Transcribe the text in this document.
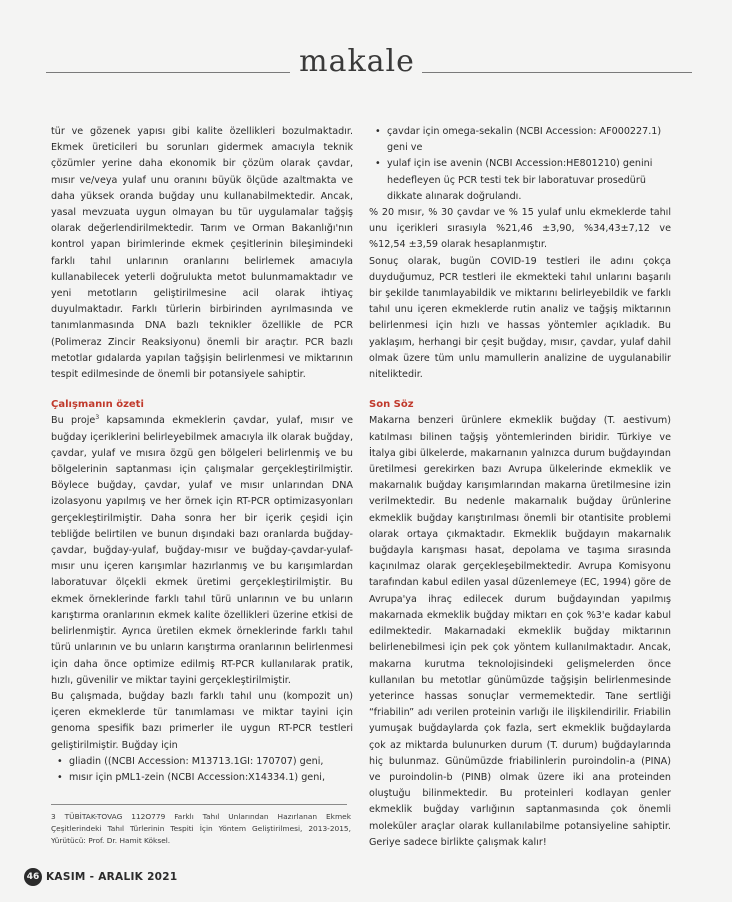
makale

tür ve gözenek yapısı gibi kalite özellikleri bozulmaktadır. Ekmek üreticileri bu sorunları gidermek amacıyla teknik çözümler yerine daha ekonomik bir çözüm olarak çavdar, mısır ve/veya yulaf unu oranını büyük ölçüde azaltmakta ve daha yüksek oranda buğday unu kullanabilmektedir. Ancak, yasal mevzuata uygun olmayan bu tür uygulamalar tağşiş olarak değerlendirilmektedir. Tarım ve Orman Bakanlığı'nın kontrol yapan birimlerinde ekmek çeşitlerinin bileşimindeki farklı tahıl unlarının oranlarını belirlemek amacıyla kullanabilecek yeterli doğrulukta metot bulunmamaktadır ve yeni metotların geliştirilmesine acil olarak ihtiyaç duyulmaktadır. Farklı türlerin birbirinden ayrılmasında ve tanımlanmasında DNA bazlı teknikler özellikle de PCR (Polimeraz Zincir Reaksiyonu) önemli bir araçtır. PCR bazlı metotlar gıdalarda yapılan tağşişin belirlenmesi ve miktarının tespit edilmesinde de önemli bir potansiyele sahiptir.

Çalışmanın özeti

Bu proje$^3$ kapsamında ekmeklerin çavdar, yulaf, mısır ve buğday içeriklerini belirleyebilmek amacıyla ilk olarak buğday, çavdar, yulaf ve mısıra özgü gen bölgeleri belirlenmiş ve bu bölgelerinin saptanması için çalışmalar gerçekleştirilmiştir. Böylece buğday, çavdar, yulaf ve mısır unlarından DNA izolasyonu yapılmış ve her örnek için RT-PCR optimizasyonları gerçekleştirilmiştir. Daha sonra her bir içerik çeşidi için tebliğde belirtilen ve bunun dışındaki bazı oranlarda buğday-çavdar, buğday-yulaf, buğday-mısır ve buğday-çavdar-yulaf-mısır unu içeren karışımlar hazırlanmış ve bu karışımlardan laboratuvar ölçekli ekmek üretimi gerçekleştirilmiştir. Bu ekmek örneklerinde farklı tahıl türü unlarının ve bu unların karıştırma oranlarının ekmek kalite özellikleri üzerine etkisi de belirlenmiştir. Ayrıca üretilen ekmek örneklerinde farklı tahıl türü unlarının ve bu unların karıştırma oranlarının belirlenmesi için daha önce optimize edilmiş RT-PCR kullanılarak pratik, hızlı, güvenilir ve miktar tayini gerçekleştirilmiştir.

Bu çalışmada, buğday bazlı farklı tahıl unu (kompozit un) içeren ekmeklerde tür tanımlaması ve miktar tayini için genoma spesifik bazı primerler ile uygun RT-PCR testleri geliştirilmiştir. Buğday için

• gliadin ((NCBI Accession: M13713.1GI: 170707) geni,
• mısır için pML1-zein (NCBI Accession:X14334.1) geni,

3 TÜBİTAK-TOVAG 112O779 Farklı Tahıl Unlarından Hazırlanan Ekmek Çeşitlerindeki Tahıl Türlerinin Tespiti İçin Yöntem Geliştirilmesi, 2013-2015, Yürütücü: Prof. Dr. Hamit Köksel.

• çavdar için omega-sekalin (NCBI Accession: AF000227.1) geni ve
• yulaf için ise avenin (NCBI Accession:HE801210) genini hedefleyen üç PCR testi tek bir laboratuvar prosedürü dikkate alınarak doğrulandı.

% 20 mısır, % 30 çavdar ve % 15 yulaf unlu ekmeklerde tahıl unu içerikleri sırasıyla %21,46 ±3,90, %34,43±7,12 ve %12,54 ±3,59 olarak hesaplanmıştır.

Sonuç olarak, bugün COVID-19 testleri ile adını çokça duyduğumuz, PCR testleri ile ekmekteki tahıl unlarını başarılı bir şekilde tanımlayabildik ve miktarını belirleyebildik ve farklı tahıl unu içeren ekmeklerde rutin analiz ve tağşiş miktarının belirlenmesi için hızlı ve hassas yöntemler açıkladık. Bu yaklaşım, herhangi bir çeşit buğday, mısır, çavdar, yulaf dahil olmak üzere tüm unlu mamullerin analizine de uygulanabilir niteliktedir.

Son Söz

Makarna benzeri ürünlere ekmeklik buğday (T. aestivum) katılması bilinen tağşiş yöntemlerinden biridir. Türkiye ve İtalya gibi ülkelerde, makarnanın yalnızca durum buğdayından üretilmesi gerekirken bazı Avrupa ülkelerinde ekmeklik ve makarnalık buğday karışımlarından makarna üretilmesine izin verilmektedir. Bu nedenle makarnalık buğday ürünlerine ekmeklik buğday karıştırılması önemli bir otantisite problemi olarak ortaya çıkmaktadır. Ekmeklik buğdayın makarnalık buğdayla karışması hasat, depolama ve taşıma sırasında kaçınılmaz olarak gerçekleşebilmektedir. Avrupa Komisyonu tarafından kabul edilen yasal düzenlemeye (EC, 1994) göre de Avrupa'ya ihraç edilecek durum buğdayından yapılmış makarnada ekmeklik buğday miktarı en çok %3'e kadar kabul edilmektedir. Makarnadaki ekmeklik buğday miktarının belirlenebilmesi için pek çok yöntem kullanılmaktadır. Ancak, makarna kurutma teknolojisindeki gelişmelerden önce kullanılan bu metotlar günümüzde tağşişin belirlenmesinde yeterince hassas sonuçlar vermemektedir. Tane sertliği “friabilin” adı verilen proteinin varlığı ile ilişkilendirilir. Friabilin yumuşak buğdaylarda çok fazla, sert ekmeklik buğdaylarda çok az miktarda bulunurken durum (T. durum) buğdaylarında hiç bulunmaz. Günümüzde friabilinlerin puroindolin-a (PINA) ve puroindolin-b (PINB) olmak üzere iki ana proteinden oluştuğu bilinmektedir. Bu proteinleri kodlayan genler ekmeklik buğday varlığının saptanmasında çok önemli moleküler araçlar olarak kullanılabilme potansiyeline sahiptir. Geriye sadece birlikte çalışmak kalır!

46 KASIM - ARALIK 2021
